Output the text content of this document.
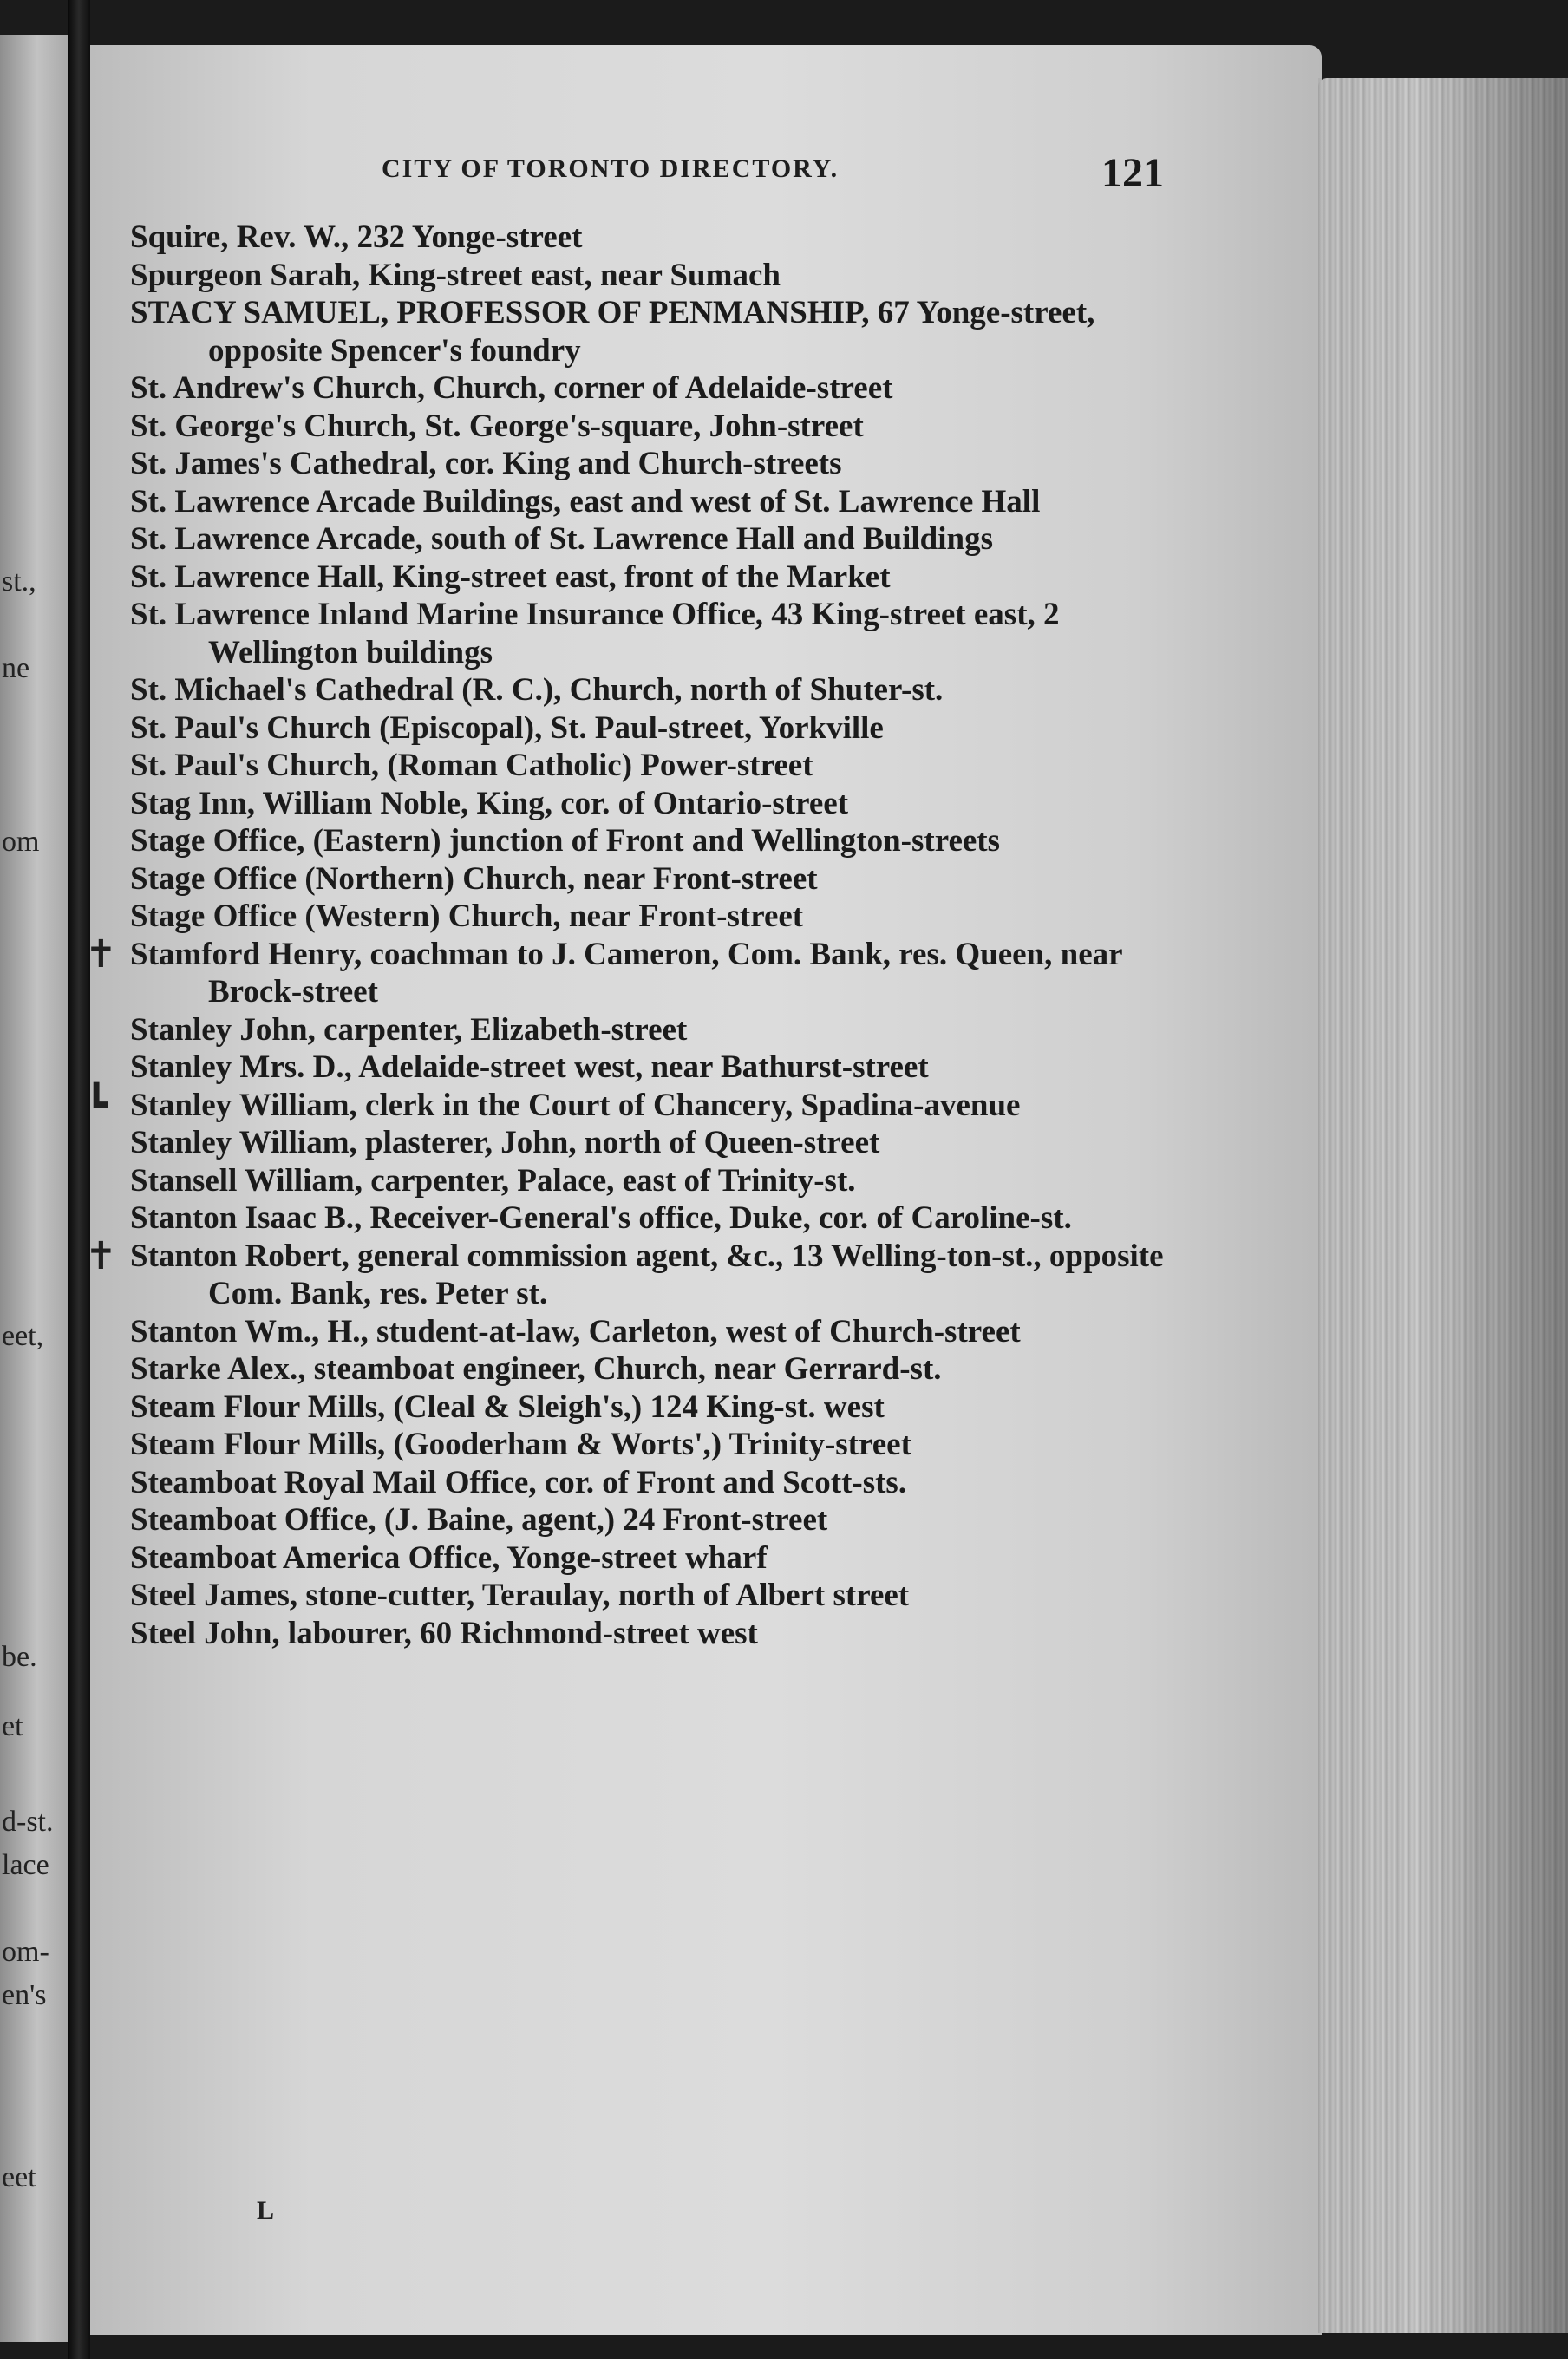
st.,
ne
om
eet,
be.
et
d-st.
lace
om-
en's
eet
CITY OF TORONTO DIRECTORY.	121
Squire, Rev. W., 232 Yonge-street
Spurgeon Sarah, King-street east, near Sumach
STACY SAMUEL, PROFESSOR OF PENMANSHIP, 67 Yonge-street, opposite Spencer's foundry
St. Andrew's Church, Church, corner of Adelaide-street
St. George's Church, St. George's-square, John-street
St. James's Cathedral, cor. King and Church-streets
St. Lawrence Arcade Buildings, east and west of St. Lawrence Hall
St. Lawrence Arcade, south of St. Lawrence Hall and Buildings
St. Lawrence Hall, King-street east, front of the Market
St. Lawrence Inland Marine Insurance Office, 43 King-street east, 2 Wellington buildings
St. Michael's Cathedral (R. C.), Church, north of Shuter-st.
St. Paul's Church (Episcopal), St. Paul-street, Yorkville
St. Paul's Church, (Roman Catholic) Power-street
Stag Inn, William Noble, King, cor. of Ontario-street
Stage Office, (Eastern) junction of Front and Wellington-streets
Stage Office (Northern) Church, near Front-street
Stage Office (Western) Church, near Front-street
✝ Stamford Henry, coachman to J. Cameron, Com. Bank, res. Queen, near Brock-street
Stanley John, carpenter, Elizabeth-street
Stanley Mrs. D., Adelaide-street west, near Bathurst-street
┗ Stanley William, clerk in the Court of Chancery, Spadina-avenue
Stanley William, plasterer, John, north of Queen-street
Stansell William, carpenter, Palace, east of Trinity-st.
Stanton Isaac B., Receiver-General's office, Duke, cor. of Caroline-st.
✝ Stanton Robert, general commission agent, &c., 13 Welling-ton-st., opposite Com. Bank, res. Peter st.
Stanton Wm., H., student-at-law, Carleton, west of Church-street
Starke Alex., steamboat engineer, Church, near Gerrard-st.
Steam Flour Mills, (Cleal & Sleigh's,) 124 King-st. west
Steam Flour Mills, (Gooderham & Worts',) Trinity-street
Steamboat Royal Mail Office, cor. of Front and Scott-sts.
Steamboat Office, (J. Baine, agent,) 24 Front-street
Steamboat America Office, Yonge-street wharf
Steel James, stone-cutter, Teraulay, north of Albert street
Steel John, labourer, 60 Richmond-street west
L
